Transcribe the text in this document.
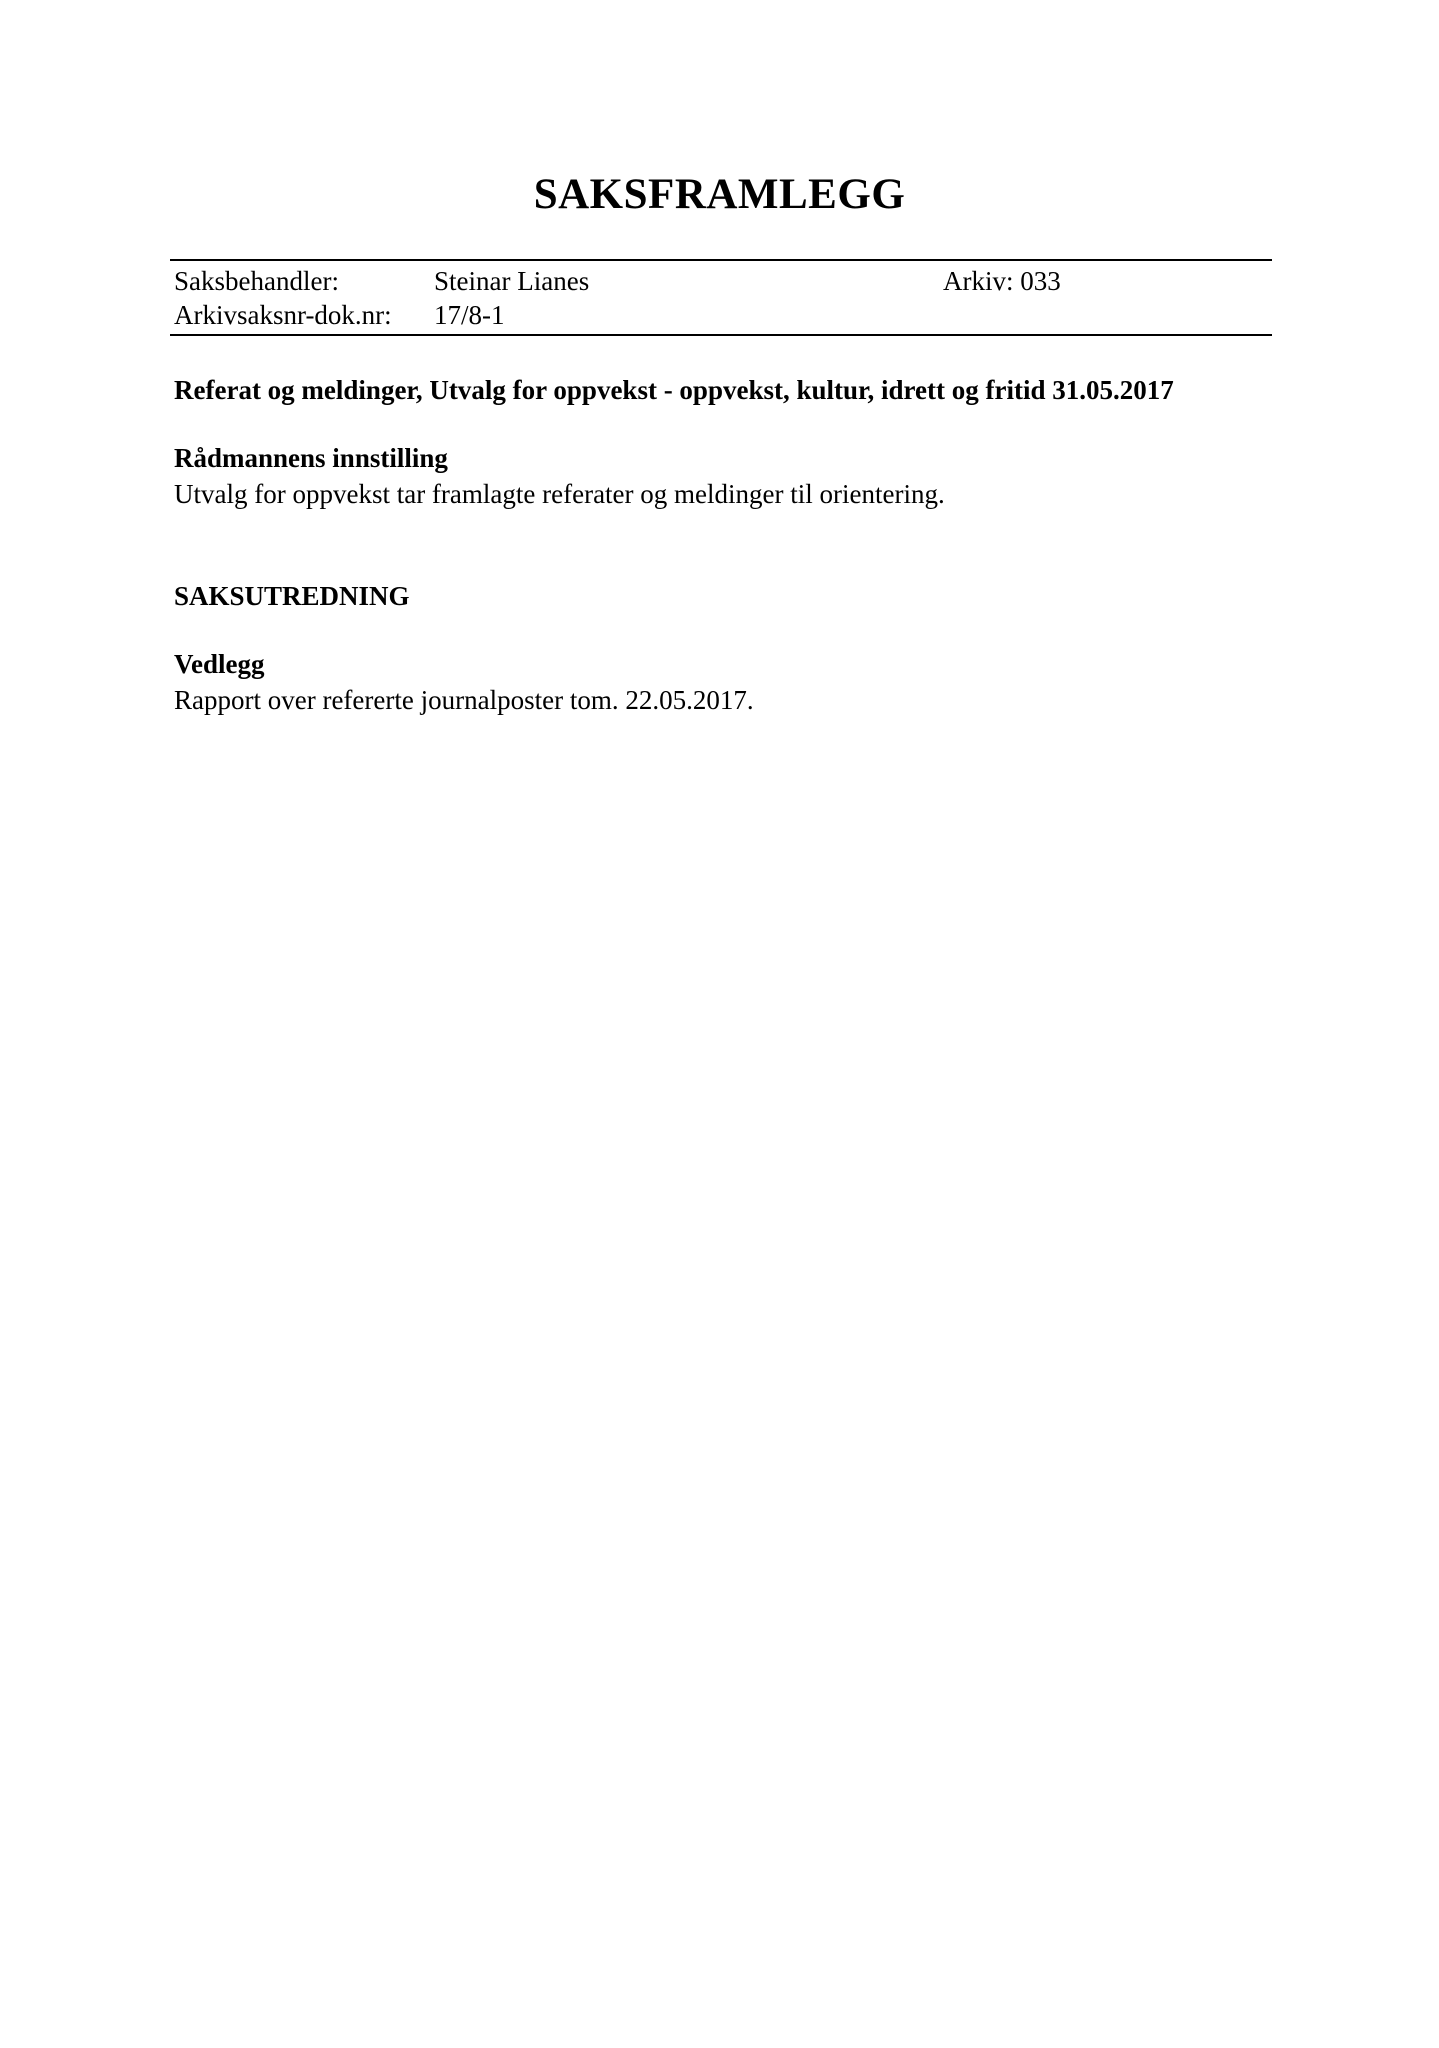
SAKSFRAMLEGG
Saksbehandler:	Steinar Lianes	Arkiv: 033
Arkivsaksnr-dok.nr: 17/8-1
Referat og meldinger, Utvalg for oppvekst - oppvekst, kultur, idrett og fritid 31.05.2017
Rådmannens innstilling
Utvalg for oppvekst tar framlagte referater og meldinger til orientering.
SAKSUTREDNING
Vedlegg
Rapport over refererte journalposter tom. 22.05.2017.
